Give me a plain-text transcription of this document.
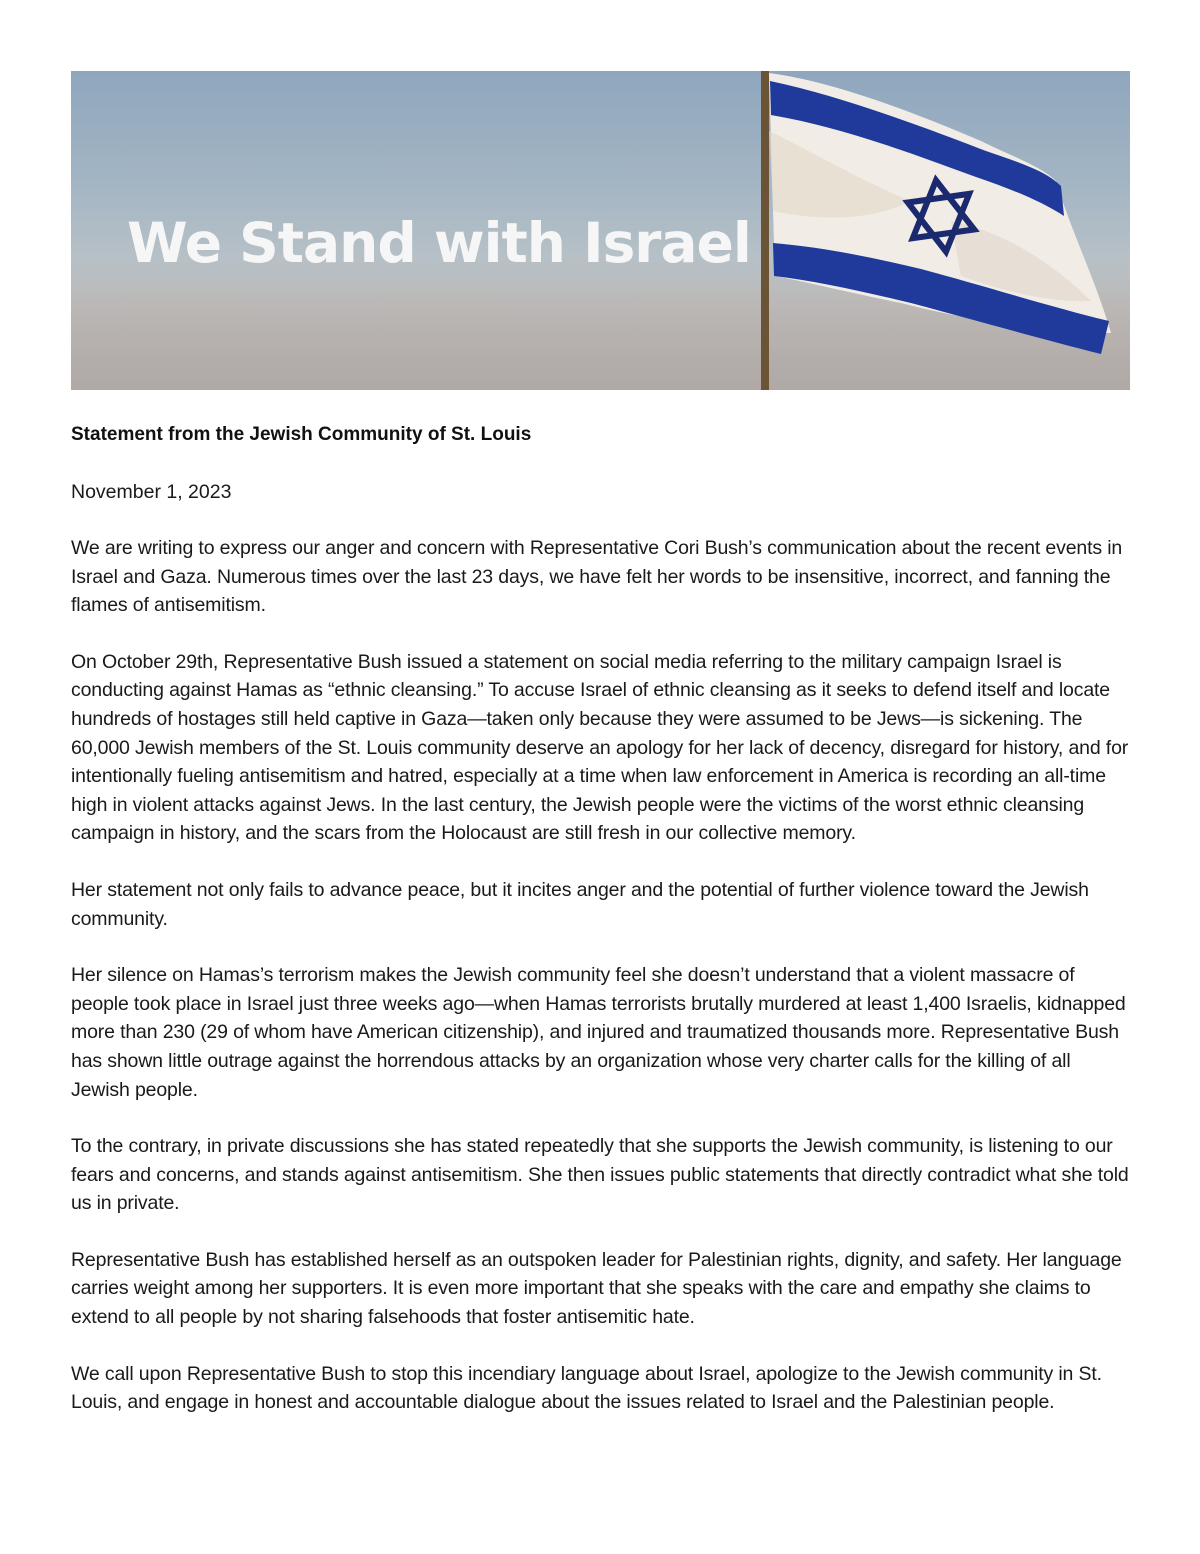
We Stand with Israel
Statement from the Jewish Community of St. Louis
November 1, 2023

We are writing to express our anger and concern with Representative Cori Bush’s communication about the recent events in Israel and Gaza. Numerous times over the last 23 days, we have felt her words to be insensitive, incorrect, and fanning the flames of antisemitism.

On October 29th, Representative Bush issued a statement on social media referring to the military campaign Israel is conducting against Hamas as “ethnic cleansing.” To accuse Israel of ethnic cleansing as it seeks to defend itself and locate hundreds of hostages still held captive in Gaza—taken only because they were assumed to be Jews—is sickening. The 60,000 Jewish members of the St. Louis community deserve an apology for her lack of decency, disregard for history, and for intentionally fueling antisemitism and hatred, especially at a time when law enforcement in America is recording an all-time high in violent attacks against Jews. In the last century, the Jewish people were the victims of the worst ethnic cleansing campaign in history, and the scars from the Holocaust are still fresh in our collective memory.

Her statement not only fails to advance peace, but it incites anger and the potential of further violence toward the Jewish community.

Her silence on Hamas’s terrorism makes the Jewish community feel she doesn’t understand that a violent massacre of people took place in Israel just three weeks ago—when Hamas terrorists brutally murdered at least 1,400 Israelis, kidnapped more than 230 (29 of whom have American citizenship), and injured and traumatized thousands more. Representative Bush has shown little outrage against the horrendous attacks by an organization whose very charter calls for the killing of all Jewish people.

To the contrary, in private discussions she has stated repeatedly that she supports the Jewish community, is listening to our fears and concerns, and stands against antisemitism. She then issues public statements that directly contradict what she told us in private.

Representative Bush has established herself as an outspoken leader for Palestinian rights, dignity, and safety. Her language carries weight among her supporters. It is even more important that she speaks with the care and empathy she claims to extend to all people by not sharing falsehoods that foster antisemitic hate.

We call upon Representative Bush to stop this incendiary language about Israel, apologize to the Jewish community in St. Louis, and engage in honest and accountable dialogue about the issues related to Israel and the Palestinian people.
